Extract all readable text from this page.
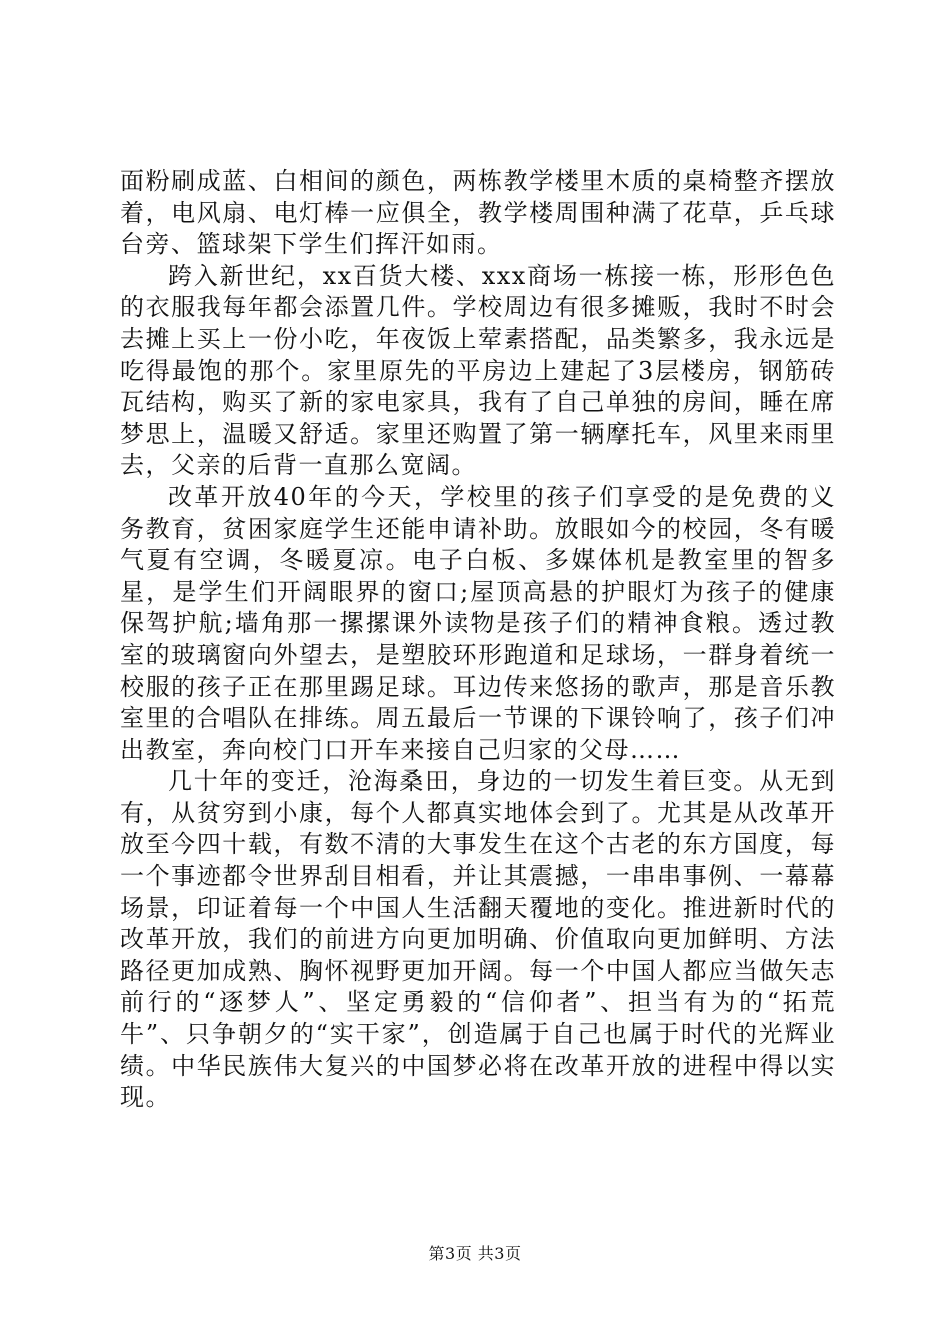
面粉刷成蓝、白相间的颜色，两栋教学楼里木质的桌椅整齐摆放着，电风扇、电灯棒一应俱全，教学楼周围种满了花草，乒乓球台旁、篮球架下学生们挥汗如雨。

跨入新世纪，xx百货大楼、xxx商场一栋接一栋，形形色色的衣服我每年都会添置几件。学校周边有很多摊贩，我时不时会去摊上买上一份小吃，年夜饭上荤素搭配，品类繁多，我永远是吃得最饱的那个。家里原先的平房边上建起了3层楼房，钢筋砖瓦结构，购买了新的家电家具，我有了自己单独的房间，睡在席梦思上，温暖又舒适。家里还购置了第一辆摩托车，风里来雨里去，父亲的后背一直那么宽阔。

改革开放40年的今天，学校里的孩子们享受的是免费的义务教育，贫困家庭学生还能申请补助。放眼如今的校园，冬有暖气夏有空调，冬暖夏凉。电子白板、多媒体机是教室里的智多星，是学生们开阔眼界的窗口;屋顶高悬的护眼灯为孩子的健康保驾护航;墙角那一摞摞课外读物是孩子们的精神食粮。透过教室的玻璃窗向外望去，是塑胶环形跑道和足球场，一群身着统一校服的孩子正在那里踢足球。耳边传来悠扬的歌声，那是音乐教室里的合唱队在排练。周五最后一节课的下课铃响了，孩子们冲出教室，奔向校门口开车来接自己归家的父母……

几十年的变迁，沧海桑田，身边的一切发生着巨变。从无到有，从贫穷到小康，每个人都真实地体会到了。尤其是从改革开放至今四十载，有数不清的大事发生在这个古老的东方国度，每一个事迹都令世界刮目相看，并让其震撼，一串串事例、一幕幕场景，印证着每一个中国人生活翻天覆地的变化。推进新时代的改革开放，我们的前进方向更加明确、价值取向更加鲜明、方法路径更加成熟、胸怀视野更加开阔。每一个中国人都应当做矢志前行的“逐梦人”、坚定勇毅的“信仰者”、担当有为的“拓荒牛”、只争朝夕的“实干家”，创造属于自己也属于时代的光辉业绩。中华民族伟大复兴的中国梦必将在改革开放的进程中得以实现。

第3页 共3页
